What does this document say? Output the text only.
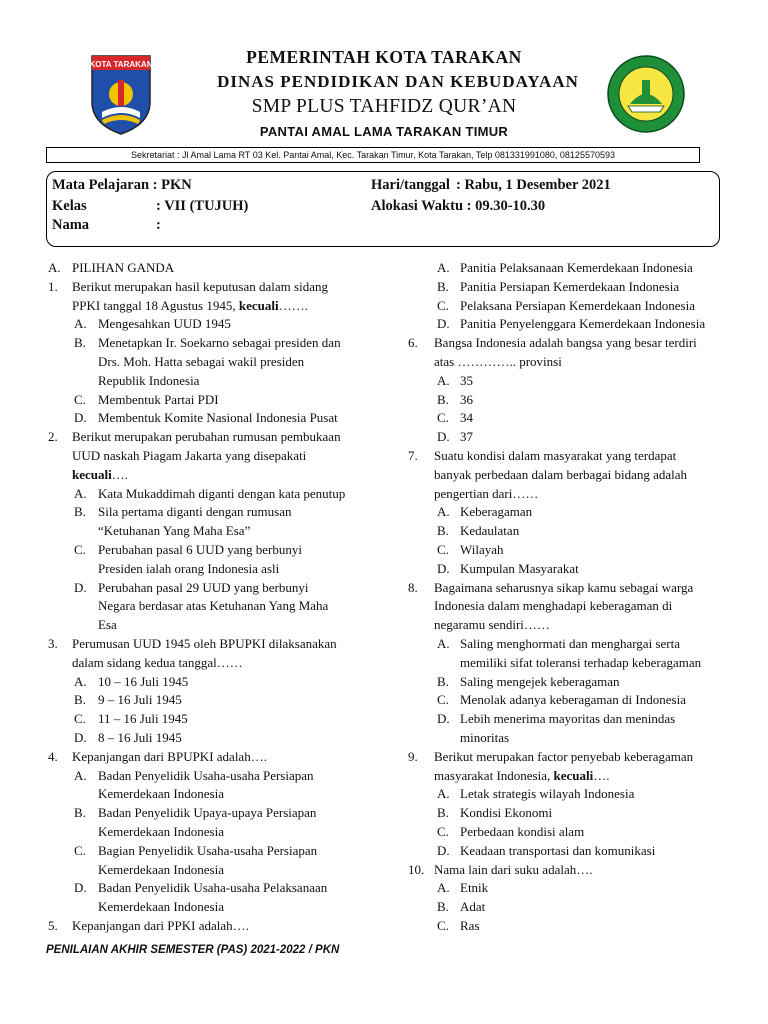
KOTA TARAKAN	PEMERINTAH KOTA TARAKAN
DINAS PENDIDIKAN DAN KEBUDAYAAN
SMP PLUS TAHFIDZ QUR’AN
PANTAI AMAL LAMA TARAKAN TIMUR
Sekretariat : Jl Amal Lama RT 03 Kel. Pantai Amal, Kec. Tarakan Timur, Kota Tarakan, Telp 081331991080, 08125570593
Mata Pelajaran : PKN
Kelas	: VII (TUJUH)
Nama	:
Hari/tanggal : Rabu, 1 Desember 2021
Alokasi Waktu : 09.30-10.30
A. PILIHAN GANDA
1. Berikut merupakan hasil keputusan dalam sidang
PPKI tanggal 18 Agustus 1945, kecuali…….
A. Mengesahkan UUD 1945
B. Menetapkan Ir. Soekarno sebagai presiden dan
Drs. Moh. Hatta sebagai wakil presiden
Republik Indonesia
C. Membentuk Partai PDI
D. Membentuk Komite Nasional Indonesia Pusat
2. Berikut merupakan perubahan rumusan pembukaan
UUD naskah Piagam Jakarta yang disepakati
kecuali….
A. Kata Mukaddimah diganti dengan kata penutup
B. Sila pertama diganti dengan rumusan
“Ketuhanan Yang Maha Esa”
C. Perubahan pasal 6 UUD yang berbunyi
Presiden ialah orang Indonesia asli
D. Perubahan pasal 29 UUD yang berbunyi
Negara berdasar atas Ketuhanan Yang Maha
Esa
3. Perumusan UUD 1945 oleh BPUPKI dilaksanakan
dalam sidang kedua tanggal……
A. 10 – 16 Juli 1945
B. 9 – 16 Juli 1945
C. 11 – 16 Juli 1945
D. 8 – 16 Juli 1945
4. Kepanjangan dari BPUPKI adalah….
A. Badan Penyelidik Usaha-usaha Persiapan
Kemerdekaan Indonesia
B. Badan Penyelidik Upaya-upaya Persiapan
Kemerdekaan Indonesia
C. Bagian Penyelidik Usaha-usaha Persiapan
Kemerdekaan Indonesia
D. Badan Penyelidik Usaha-usaha Pelaksanaan
Kemerdekaan Indonesia
5. Kepanjangan dari PPKI adalah….
A. Panitia Pelaksanaan Kemerdekaan Indonesia
B. Panitia Persiapan Kemerdekaan Indonesia
C. Pelaksana Persiapan Kemerdekaan Indonesia
D. Panitia Penyelenggara Kemerdekaan Indonesia
6. Bangsa Indonesia adalah bangsa yang besar terdiri
atas ………….. provinsi
A. 35
B. 36
C. 34
D. 37
7. Suatu kondisi dalam masyarakat yang terdapat
banyak perbedaan dalam berbagai bidang adalah
pengertian dari……
A. Keberagaman
B. Kedaulatan
C. Wilayah
D. Kumpulan Masyarakat
8. Bagaimana seharusnya sikap kamu sebagai warga
Indonesia dalam menghadapi keberagaman di
negaramu sendiri……
A. Saling menghormati dan menghargai serta
memiliki sifat toleransi terhadap keberagaman
B. Saling mengejek keberagaman
C. Menolak adanya keberagaman di Indonesia
D. Lebih menerima mayoritas dan menindas
minoritas
9. Berikut merupakan factor penyebab keberagaman
masyarakat Indonesia, kecuali….
A. Letak strategis wilayah Indonesia
B. Kondisi Ekonomi
C. Perbedaan kondisi alam
D. Keadaan transportasi dan komunikasi
10. Nama lain dari suku adalah….
A. Etnik
B. Adat
C. Ras
PENILAIAN AKHIR SEMESTER (PAS) 2021-2022 / PKN
